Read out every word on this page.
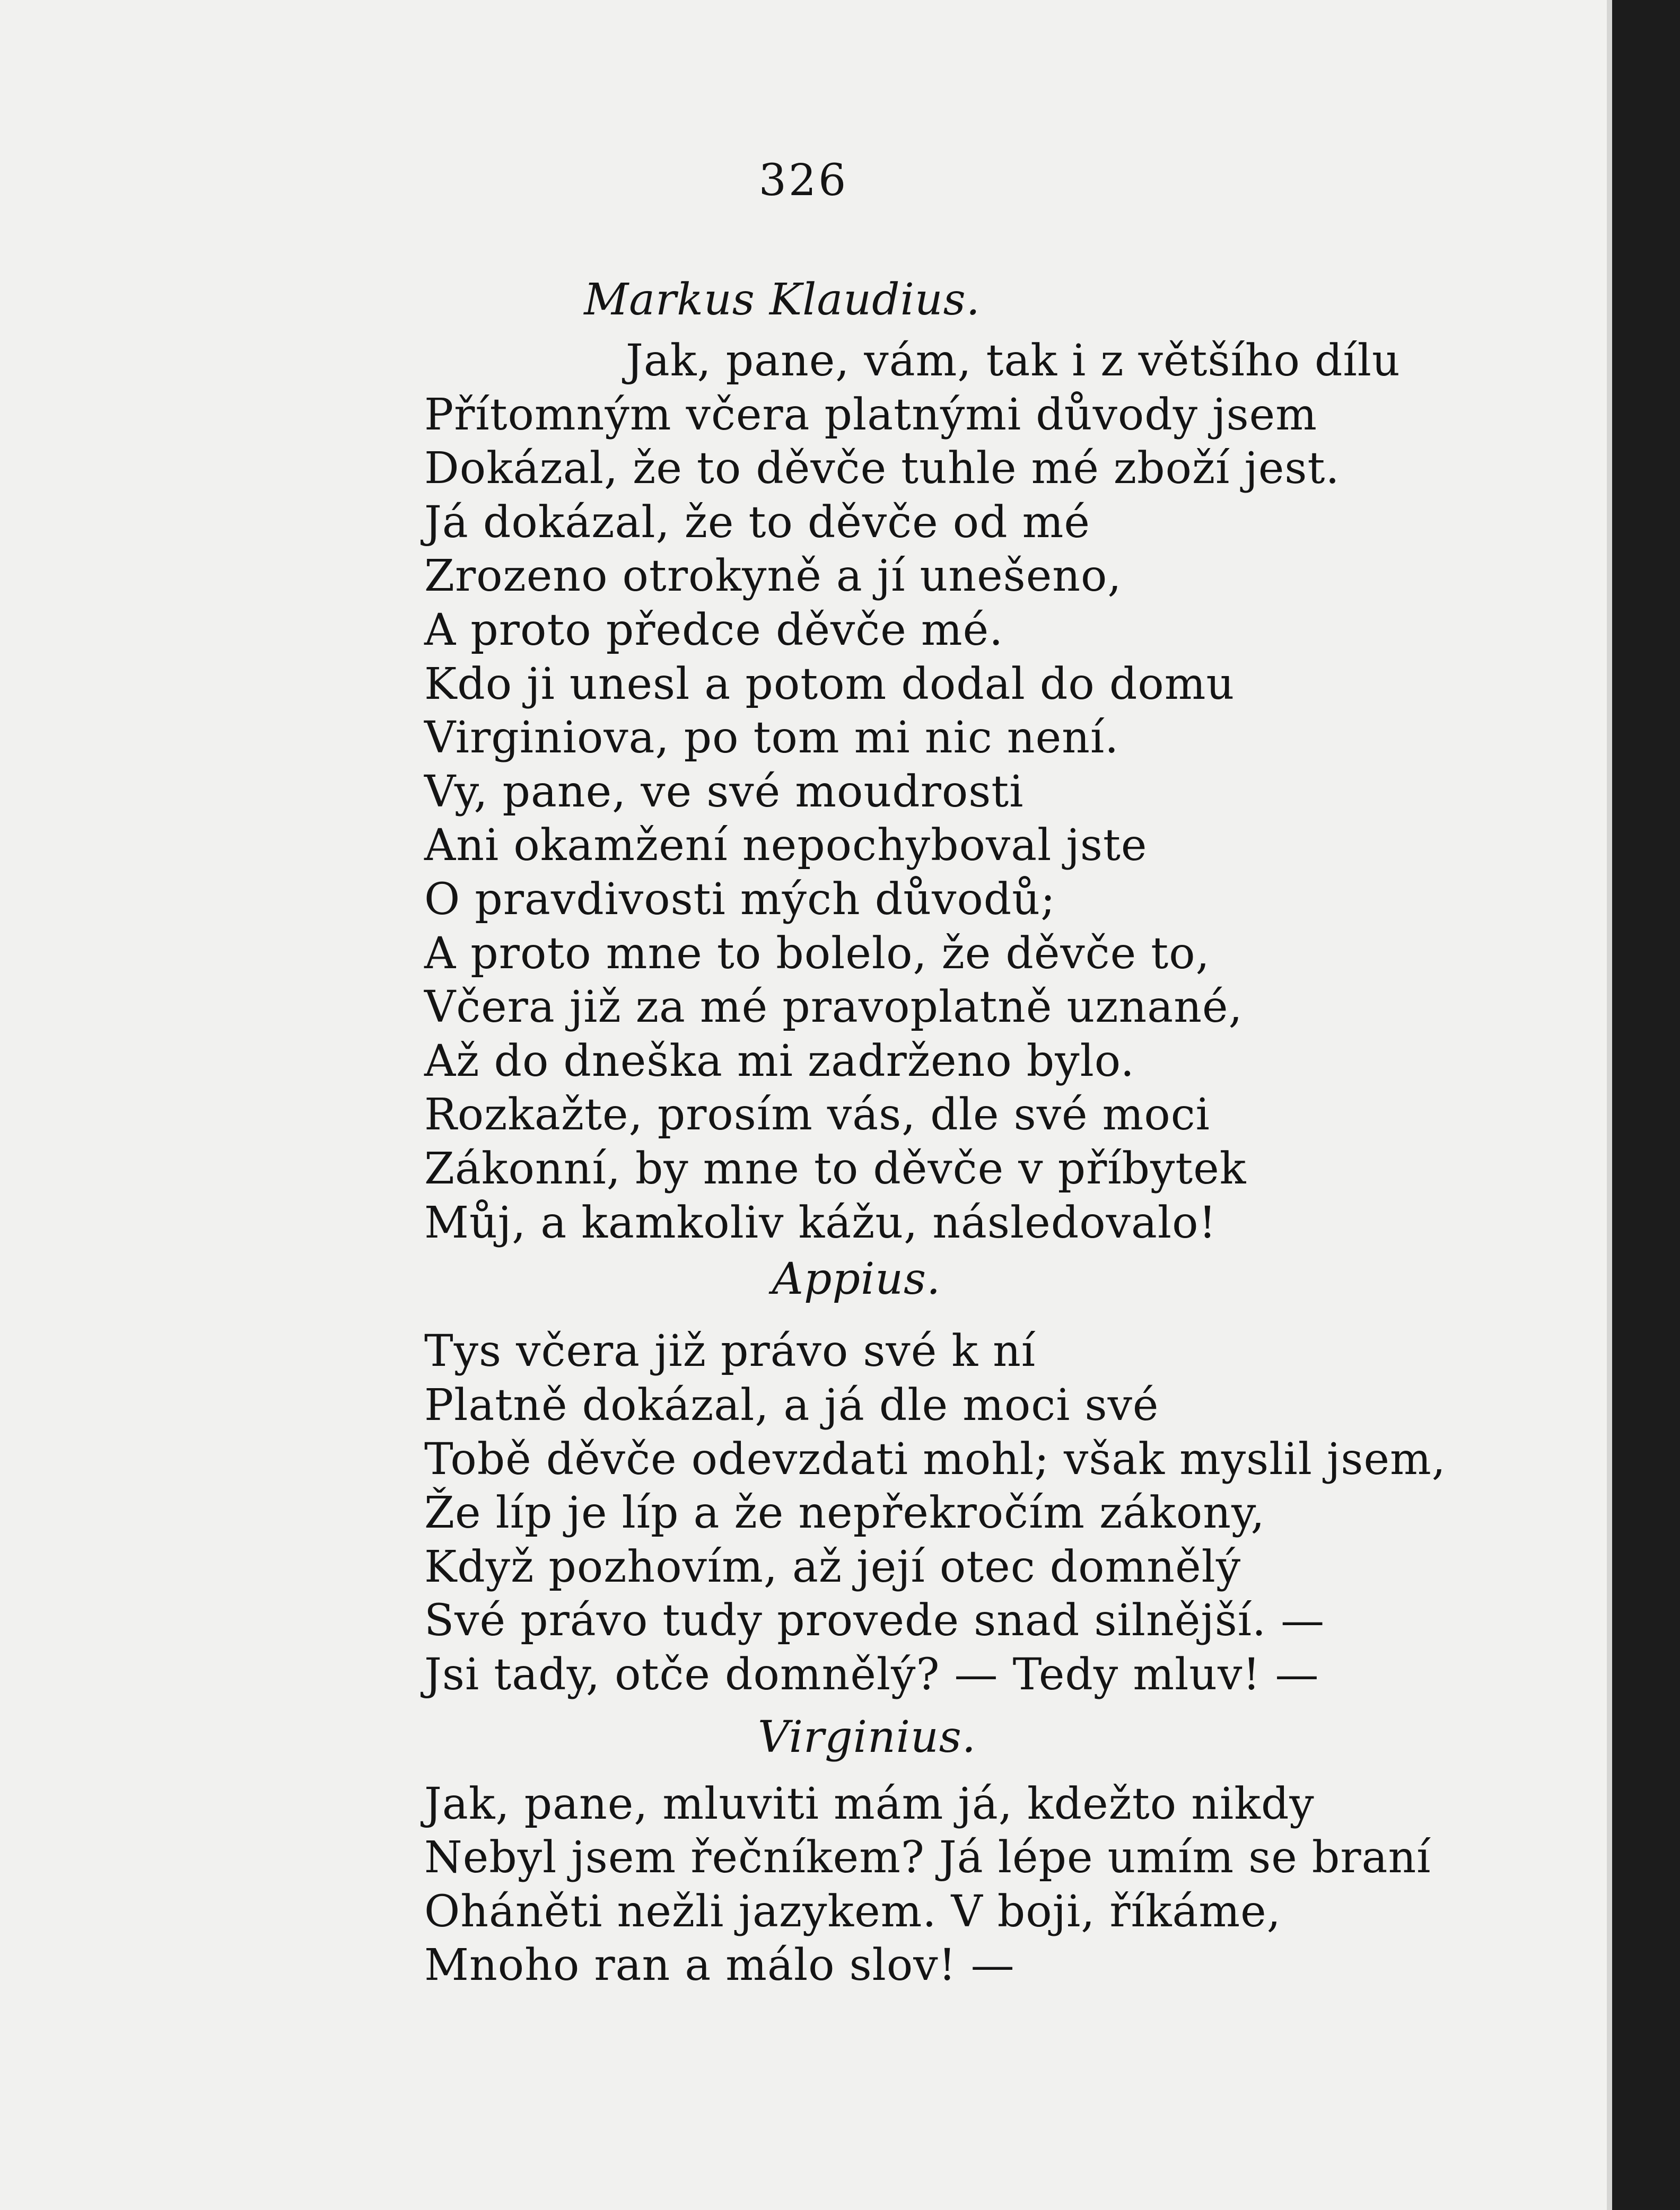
326
Markus Klaudius.
Jak, pane, vám, tak i z většího dílu
Přítomným včera platnými důvody jsem
Dokázal, že to děvče tuhle mé zboží jest.
Já dokázal, že to děvče od mé
Zrozeno otrokyně a jí unešeno,
A proto předce děvče mé.
Kdo ji unesl a potom dodal do domu
Virginiova, po tom mi nic není.
Vy, pane, ve své moudrosti
Ani okamžení nepochyboval jste
O pravdivosti mých důvodů;
A proto mne to bolelo, že děvče to,
Včera již za mé pravoplatně uznané,
Až do dneška mi zadrženo bylo.
Rozkažte, prosím vás, dle své moci
Zákonní, by mne to děvče v příbytek
Můj, a kamkoliv kážu, následovalo!
Appius.
Tys včera již právo své k ní
Platně dokázal, a já dle moci své
Tobě děvče odevzdati mohl; však myslil jsem,
Že líp je líp a že nepřekročím zákony,
Když pozhovím, až její otec domnělý
Své právo tudy provede snad silnější. —
Jsi tady, otče domnělý? — Tedy mluv! —
Virginius.
Jak, pane, mluviti mám já, kdežto nikdy
Nebyl jsem řečníkem? Já lépe umím se braní
Oháněti nežli jazykem. V boji, říkáme,
Mnoho ran a málo slov! —
